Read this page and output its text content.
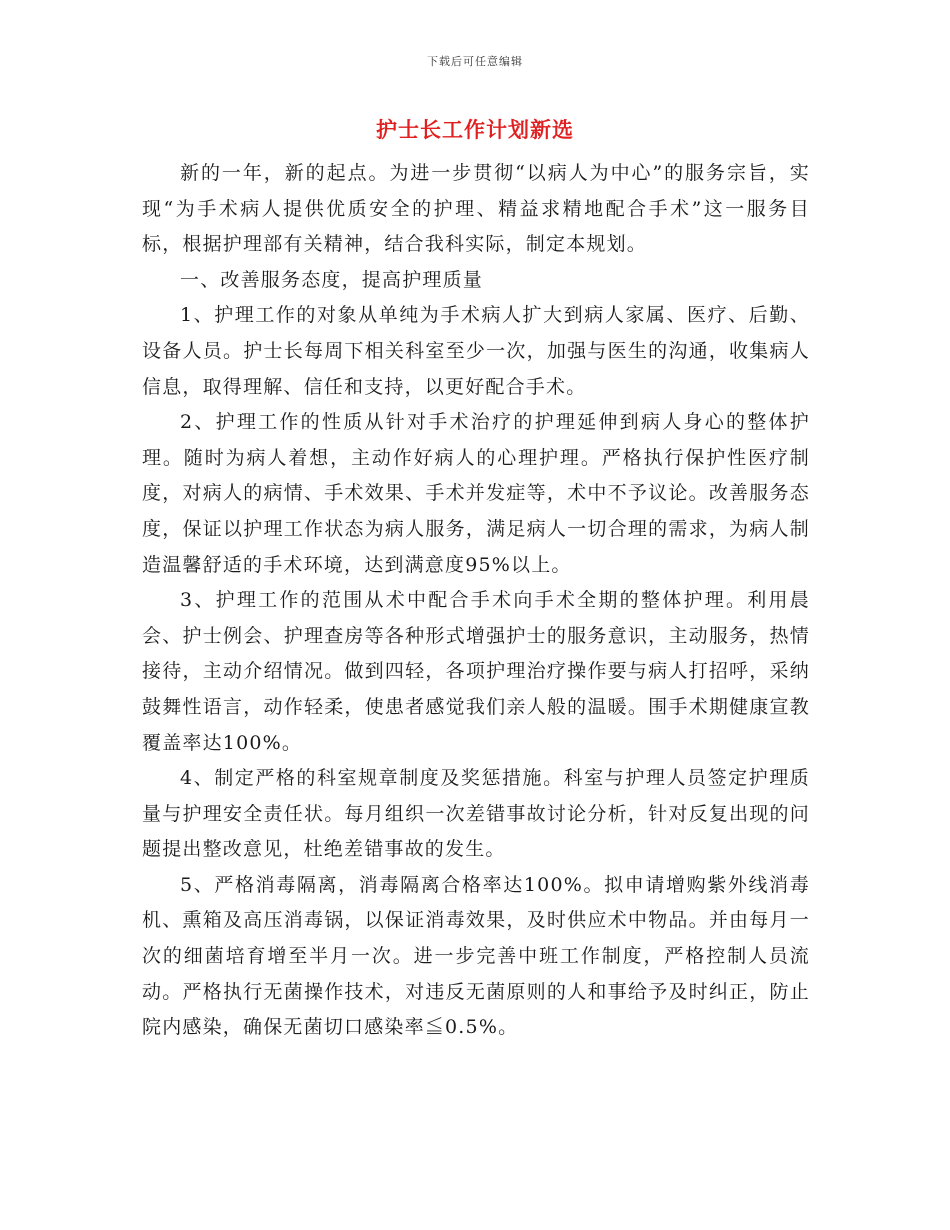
下载后可任意编辑
护士长工作计划新选

新的一年，新的起点。为进一步贯彻“以病人为中心”的服务宗旨，实现“为手术病人提供优质安全的护理、精益求精地配合手术”这一服务目标，根据护理部有关精神，结合我科实际，制定本规划。

一、改善服务态度，提高护理质量

1、护理工作的对象从单纯为手术病人扩大到病人家属、医疗、后勤、设备人员。护士长每周下相关科室至少一次，加强与医生的沟通，收集病人信息，取得理解、信任和支持，以更好配合手术。

2、护理工作的性质从针对手术治疗的护理延伸到病人身心的整体护理。随时为病人着想，主动作好病人的心理护理。严格执行保护性医疗制度，对病人的病情、手术效果、手术并发症等，术中不予议论。改善服务态度，保证以护理工作状态为病人服务，满足病人一切合理的需求，为病人制造温馨舒适的手术环境，达到满意度95%以上。

3、护理工作的范围从术中配合手术向手术全期的整体护理。利用晨会、护士例会、护理查房等各种形式增强护士的服务意识，主动服务，热情接待，主动介绍情况。做到四轻，各项护理治疗操作要与病人打招呼，采纳鼓舞性语言，动作轻柔，使患者感觉我们亲人般的温暖。围手术期健康宣教覆盖率达100%。

4、制定严格的科室规章制度及奖惩措施。科室与护理人员签定护理质量与护理安全责任状。每月组织一次差错事故讨论分析，针对反复出现的问题提出整改意见，杜绝差错事故的发生。

5、严格消毒隔离，消毒隔离合格率达100%。拟申请增购紫外线消毒机、熏箱及高压消毒锅，以保证消毒效果，及时供应术中物品。并由每月一次的细菌培育增至半月一次。进一步完善中班工作制度，严格控制人员流动。严格执行无菌操作技术，对违反无菌原则的人和事给予及时纠正，防止院内感染，确保无菌切口感染率≦0.5%。
